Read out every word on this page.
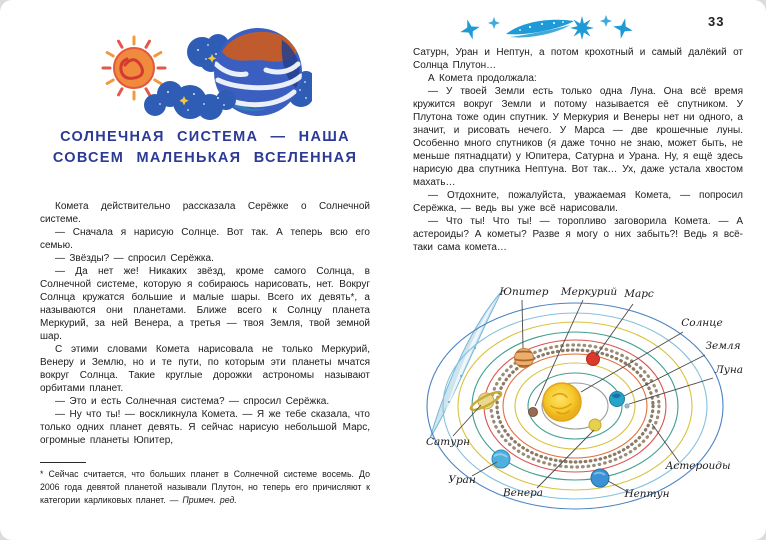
СОЛНЕЧНАЯ СИСТЕМА — НАША
СОВСЕМ МАЛЕНЬКАЯ ВСЕЛЕННАЯ

Комета действительно рассказала Серёжке о Солнечной системе.

— Сначала я нарисую Солнце. Вот так. А теперь всю его семью.

— Звёзды? — спросил Серёжка.

— Да нет же! Никаких звёзд, кроме самого Солнца, в Солнечной системе, которую я собираюсь нарисовать, нет. Вокруг Солнца кружатся большие и малые шары. Всего их девять*, а называются они планетами. Ближе всего к Солнцу планета Меркурий, за ней Венера, а третья — твоя Земля, твой земной шар.

С этими словами Комета нарисовала не только Меркурий, Венеру и Землю, но и те пути, по которым эти планеты мчатся вокруг Солнца. Такие круглые дорожки астрономы называют орбитами планет.

— Это и есть Солнечная система? — спросил Серёжка.

— Ну что ты! — воскликнула Комета. — Я же тебе сказала, что только одних планет девять. Я сейчас нарисую небольшой Марс, огромные планеты Юпитер,

* Сейчас считается, что больших планет в Солнечной системе восемь. До 2006 года девятой планетой называли Плутон, но теперь его причисляют к категории карликовых планет. — Примеч. ред.

33

Сатурн, Уран и Нептун, а потом крохотный и самый далёкий от Солнца Плутон…

А Комета продолжала:

— У твоей Земли есть только одна Луна. Она всё время кружится вокруг Земли и потому называется её спутником. У Плутона тоже один спутник. У Меркурия и Венеры нет ни одного, а значит, и рисовать нечего. У Марса — две крошечные луны. Особенно много спутников (я даже точно не знаю, может быть, не меньше пятнадцати) у Юпитера, Сатурна и Урана. Ну, я ещё здесь нарисую два спутника Нептуна. Вот так… Ух, даже устала хвостом махать…

— Отдохните, пожалуйста, уважаемая Комета, — попросил Серёжка, — ведь вы уже всё нарисовали.

— Что ты! Что ты! — торопливо заговорила Комета. — А астероиды? А кометы? Разве я могу о них забыть?! Ведь я всё-таки сама комета…

Юпитер Меркурий Марс
Солнце
Земля
Луна
Сатурн
Уран
Венера	Нептун
Астероиды
